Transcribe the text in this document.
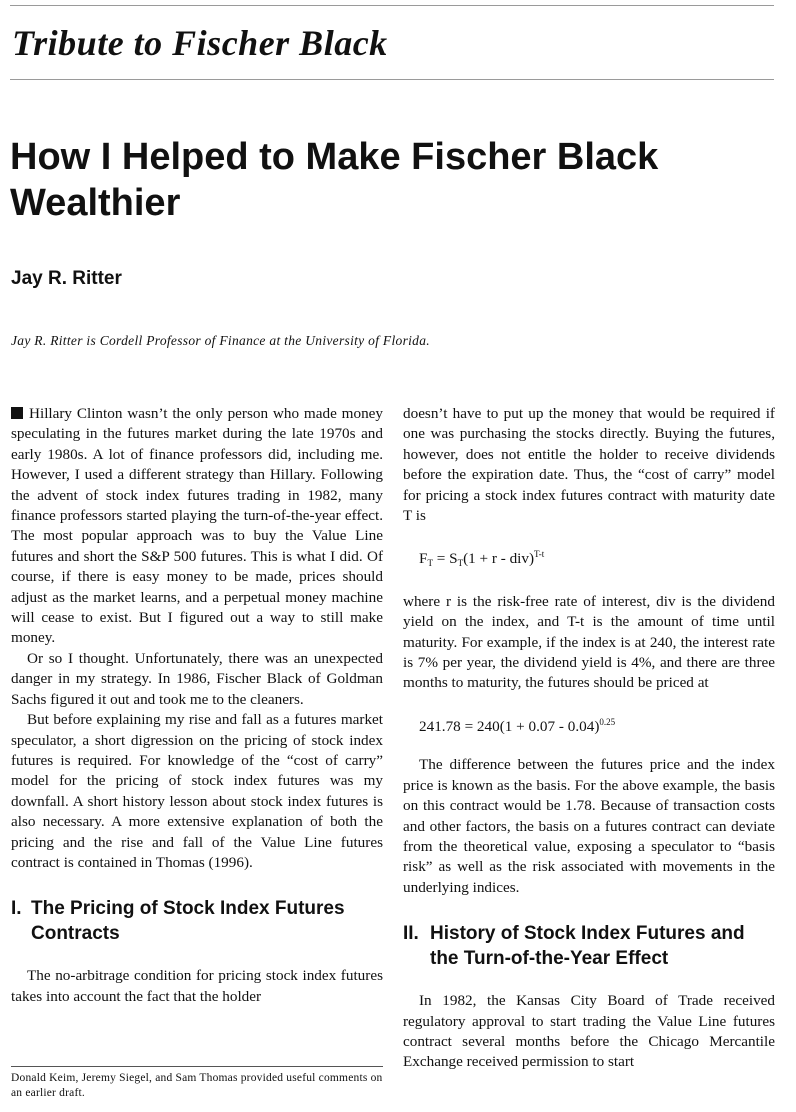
Tribute to Fischer Black
How I Helped to Make Fischer Black Wealthier

Jay R. Ritter

Jay R. Ritter is Cordell Professor of Finance at the University of Florida.

Hillary Clinton wasn’t the only person who made money speculating in the futures market during the late 1970s and early 1980s. A lot of finance professors did, including me. However, I used a different strategy than Hillary. Following the advent of stock index futures trading in 1982, many finance professors started playing the turn-of-the-year effect. The most popular approach was to buy the Value Line futures and short the S&P 500 futures. This is what I did. Of course, if there is easy money to be made, prices should adjust as the market learns, and a perpetual money machine will cease to exist. But I figured out a way to still make money.

Or so I thought. Unfortunately, there was an unexpected danger in my strategy. In 1986, Fischer Black of Goldman Sachs figured it out and took me to the cleaners.

But before explaining my rise and fall as a futures market speculator, a short digression on the pricing of stock index futures is required. For knowledge of the “cost of carry” model for the pricing of stock index futures was my downfall. A short history lesson about stock index futures is also necessary. A more extensive explanation of both the pricing and the rise and fall of the Value Line futures contract is contained in Thomas (1996).

I. The Pricing of Stock Index Futures Contracts

The no-arbitrage condition for pricing stock index futures takes into account the fact that the holder

Donald Keim, Jeremy Siegel, and Sam Thomas provided useful comments on an earlier draft.

doesn’t have to put up the money that would be required if one was purchasing the stocks directly. Buying the futures, however, does not entitle the holder to receive dividends before the expiration date. Thus, the “cost of carry” model for pricing a stock index futures contract with maturity date T is

$F_T = S_T(1 + r - div)^{T-t}$

where r is the risk-free rate of interest, div is the dividend yield on the index, and T-t is the amount of time until maturity. For example, if the index is at 240, the interest rate is 7% per year, the dividend yield is 4%, and there are three months to maturity, the futures should be priced at

$241.78 = 240(1 + 0.07 - 0.04)^{0.25}$

The difference between the futures price and the index price is known as the basis. For the above example, the basis on this contract would be 1.78. Because of transaction costs and other factors, the basis on a futures contract can deviate from the theoretical value, exposing a speculator to “basis risk” as well as the risk associated with movements in the underlying indices.

II. History of Stock Index Futures and the Turn-of-the-Year Effect

In 1982, the Kansas City Board of Trade received regulatory approval to start trading the Value Line futures contract several months before the Chicago Mercantile Exchange received permission to start
